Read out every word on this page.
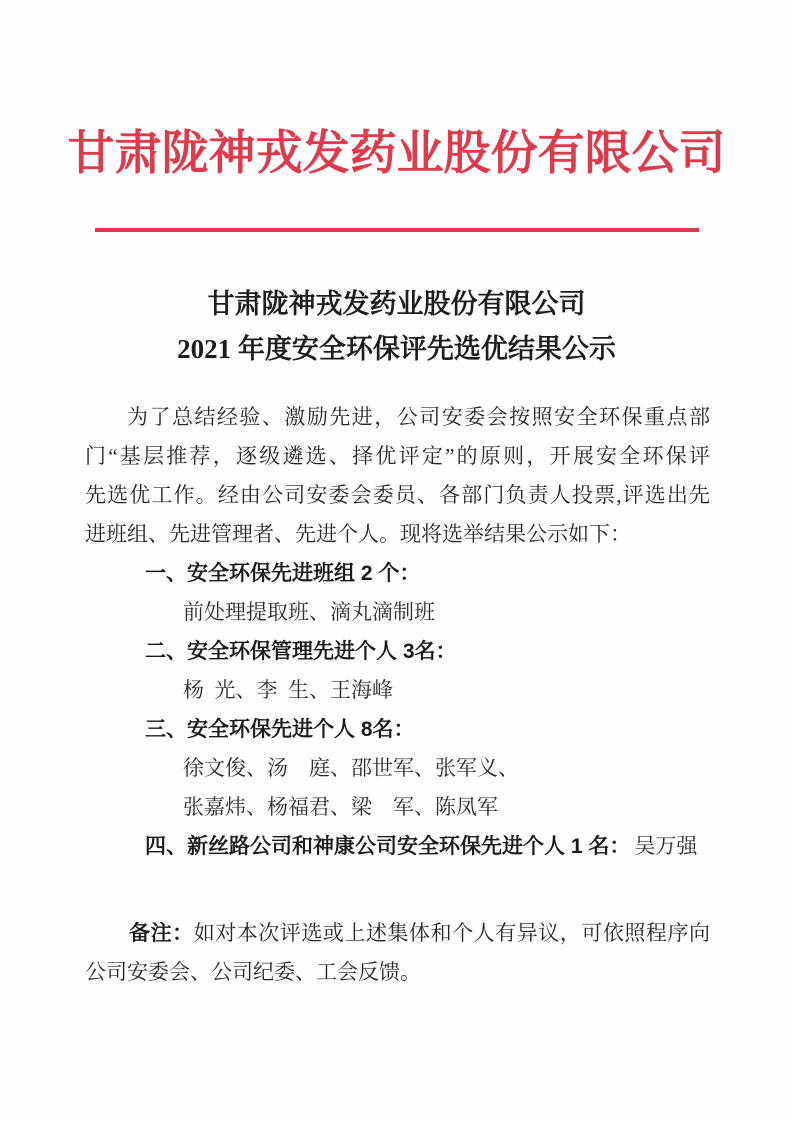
甘肃陇神戎发药业股份有限公司
甘肃陇神戎发药业股份有限公司
2021 年度安全环保评先选优结果公示
为了总结经验、激励先进，公司安委会按照安全环保重点部
门“基层推荐，逐级遴选、择优评定”的原则，开展安全环保评
先选优工作。经由公司安委会委员、各部门负责人投票,评选出先
进班组、先进管理者、先进个人。现将选举结果公示如下：
一、安全环保先进班组 2 个：
前处理提取班、滴丸滴制班
二、安全环保管理先进个人 3名：
杨 光、李 生、王海峰
三、安全环保先进个人 8名：
徐文俊、汤　庭、邵世军、张军义、
张嘉炜、杨福君、梁　军、陈凤军
四、新丝路公司和神康公司安全环保先进个人 1 名： 吴万强

备注：如对本次评选或上述集体和个人有异议，可依照程序向公司安委会、公司纪委、工会反馈。
